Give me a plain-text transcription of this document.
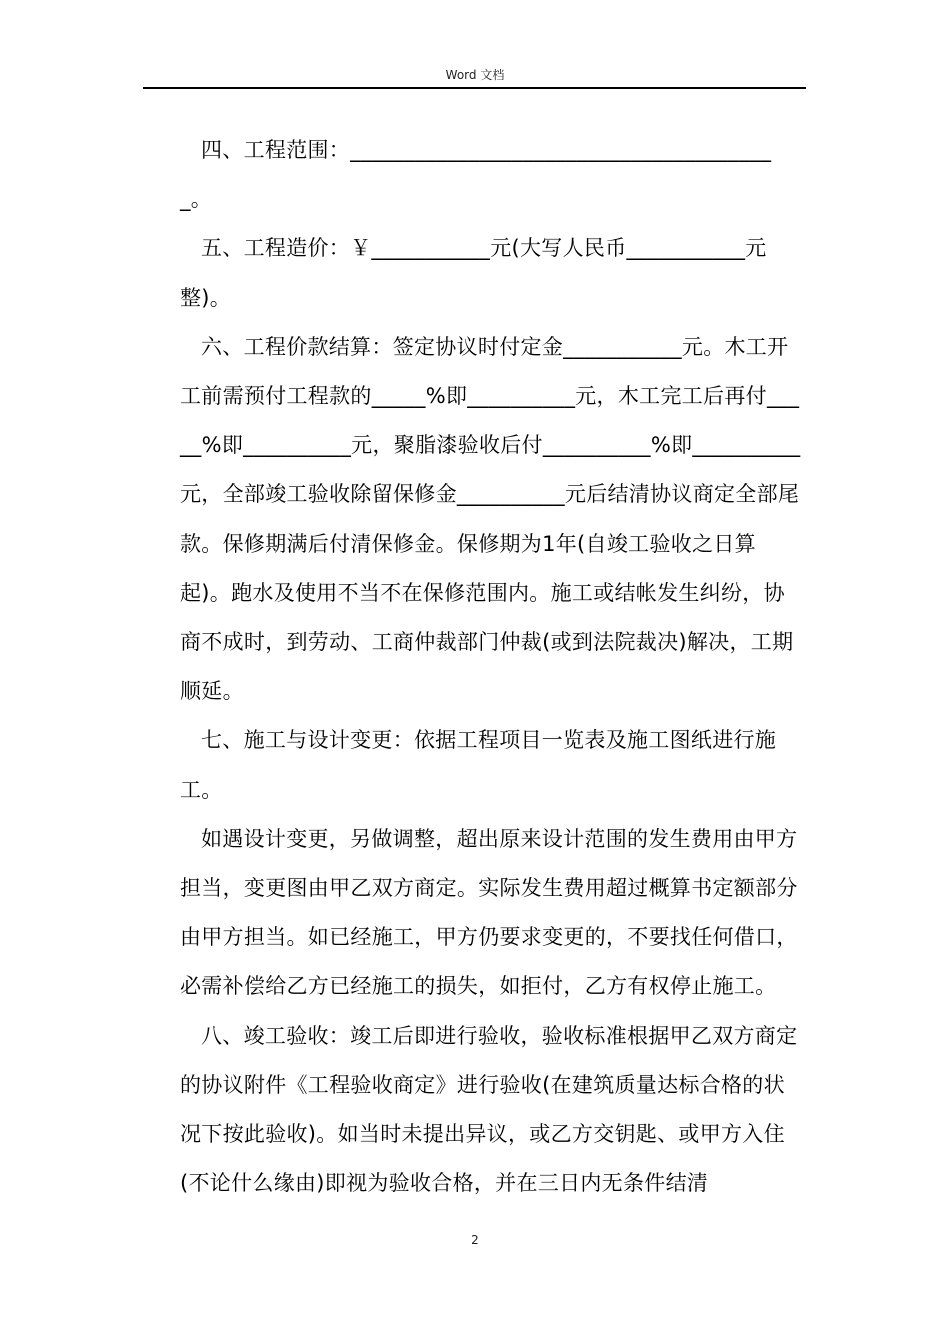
Word 文档

四、工程范围：________________________________________。

五、工程造价：￥___________元(大写人民币___________元整)。

六、工程价款结算：签定协议时付定金___________元。木工开工前需预付工程款的_____%即__________元，木工完工后再付_____%即__________元，聚脂漆验收后付__________%即__________元，全部竣工验收除留保修金__________元后结清协议商定全部尾款。保修期满后付清保修金。保修期为1年(自竣工验收之日算起)。跑水及使用不当不在保修范围内。施工或结帐发生纠纷，协商不成时，到劳动、工商仲裁部门仲裁(或到法院裁决)解决，工期顺延。

七、施工与设计变更：依据工程项目一览表及施工图纸进行施工。

如遇设计变更，另做调整，超出原来设计范围的发生费用由甲方担当，变更图由甲乙双方商定。实际发生费用超过概算书定额部分由甲方担当。如已经施工，甲方仍要求变更的，不要找任何借口，必需补偿给乙方已经施工的损失，如拒付，乙方有权停止施工。

八、竣工验收：竣工后即进行验收，验收标准根据甲乙双方商定的协议附件《工程验收商定》进行验收(在建筑质量达标合格的状况下按此验收)。如当时未提出异议，或乙方交钥匙、或甲方入住(不论什么缘由)即视为验收合格，并在三日内无条件结清

2
